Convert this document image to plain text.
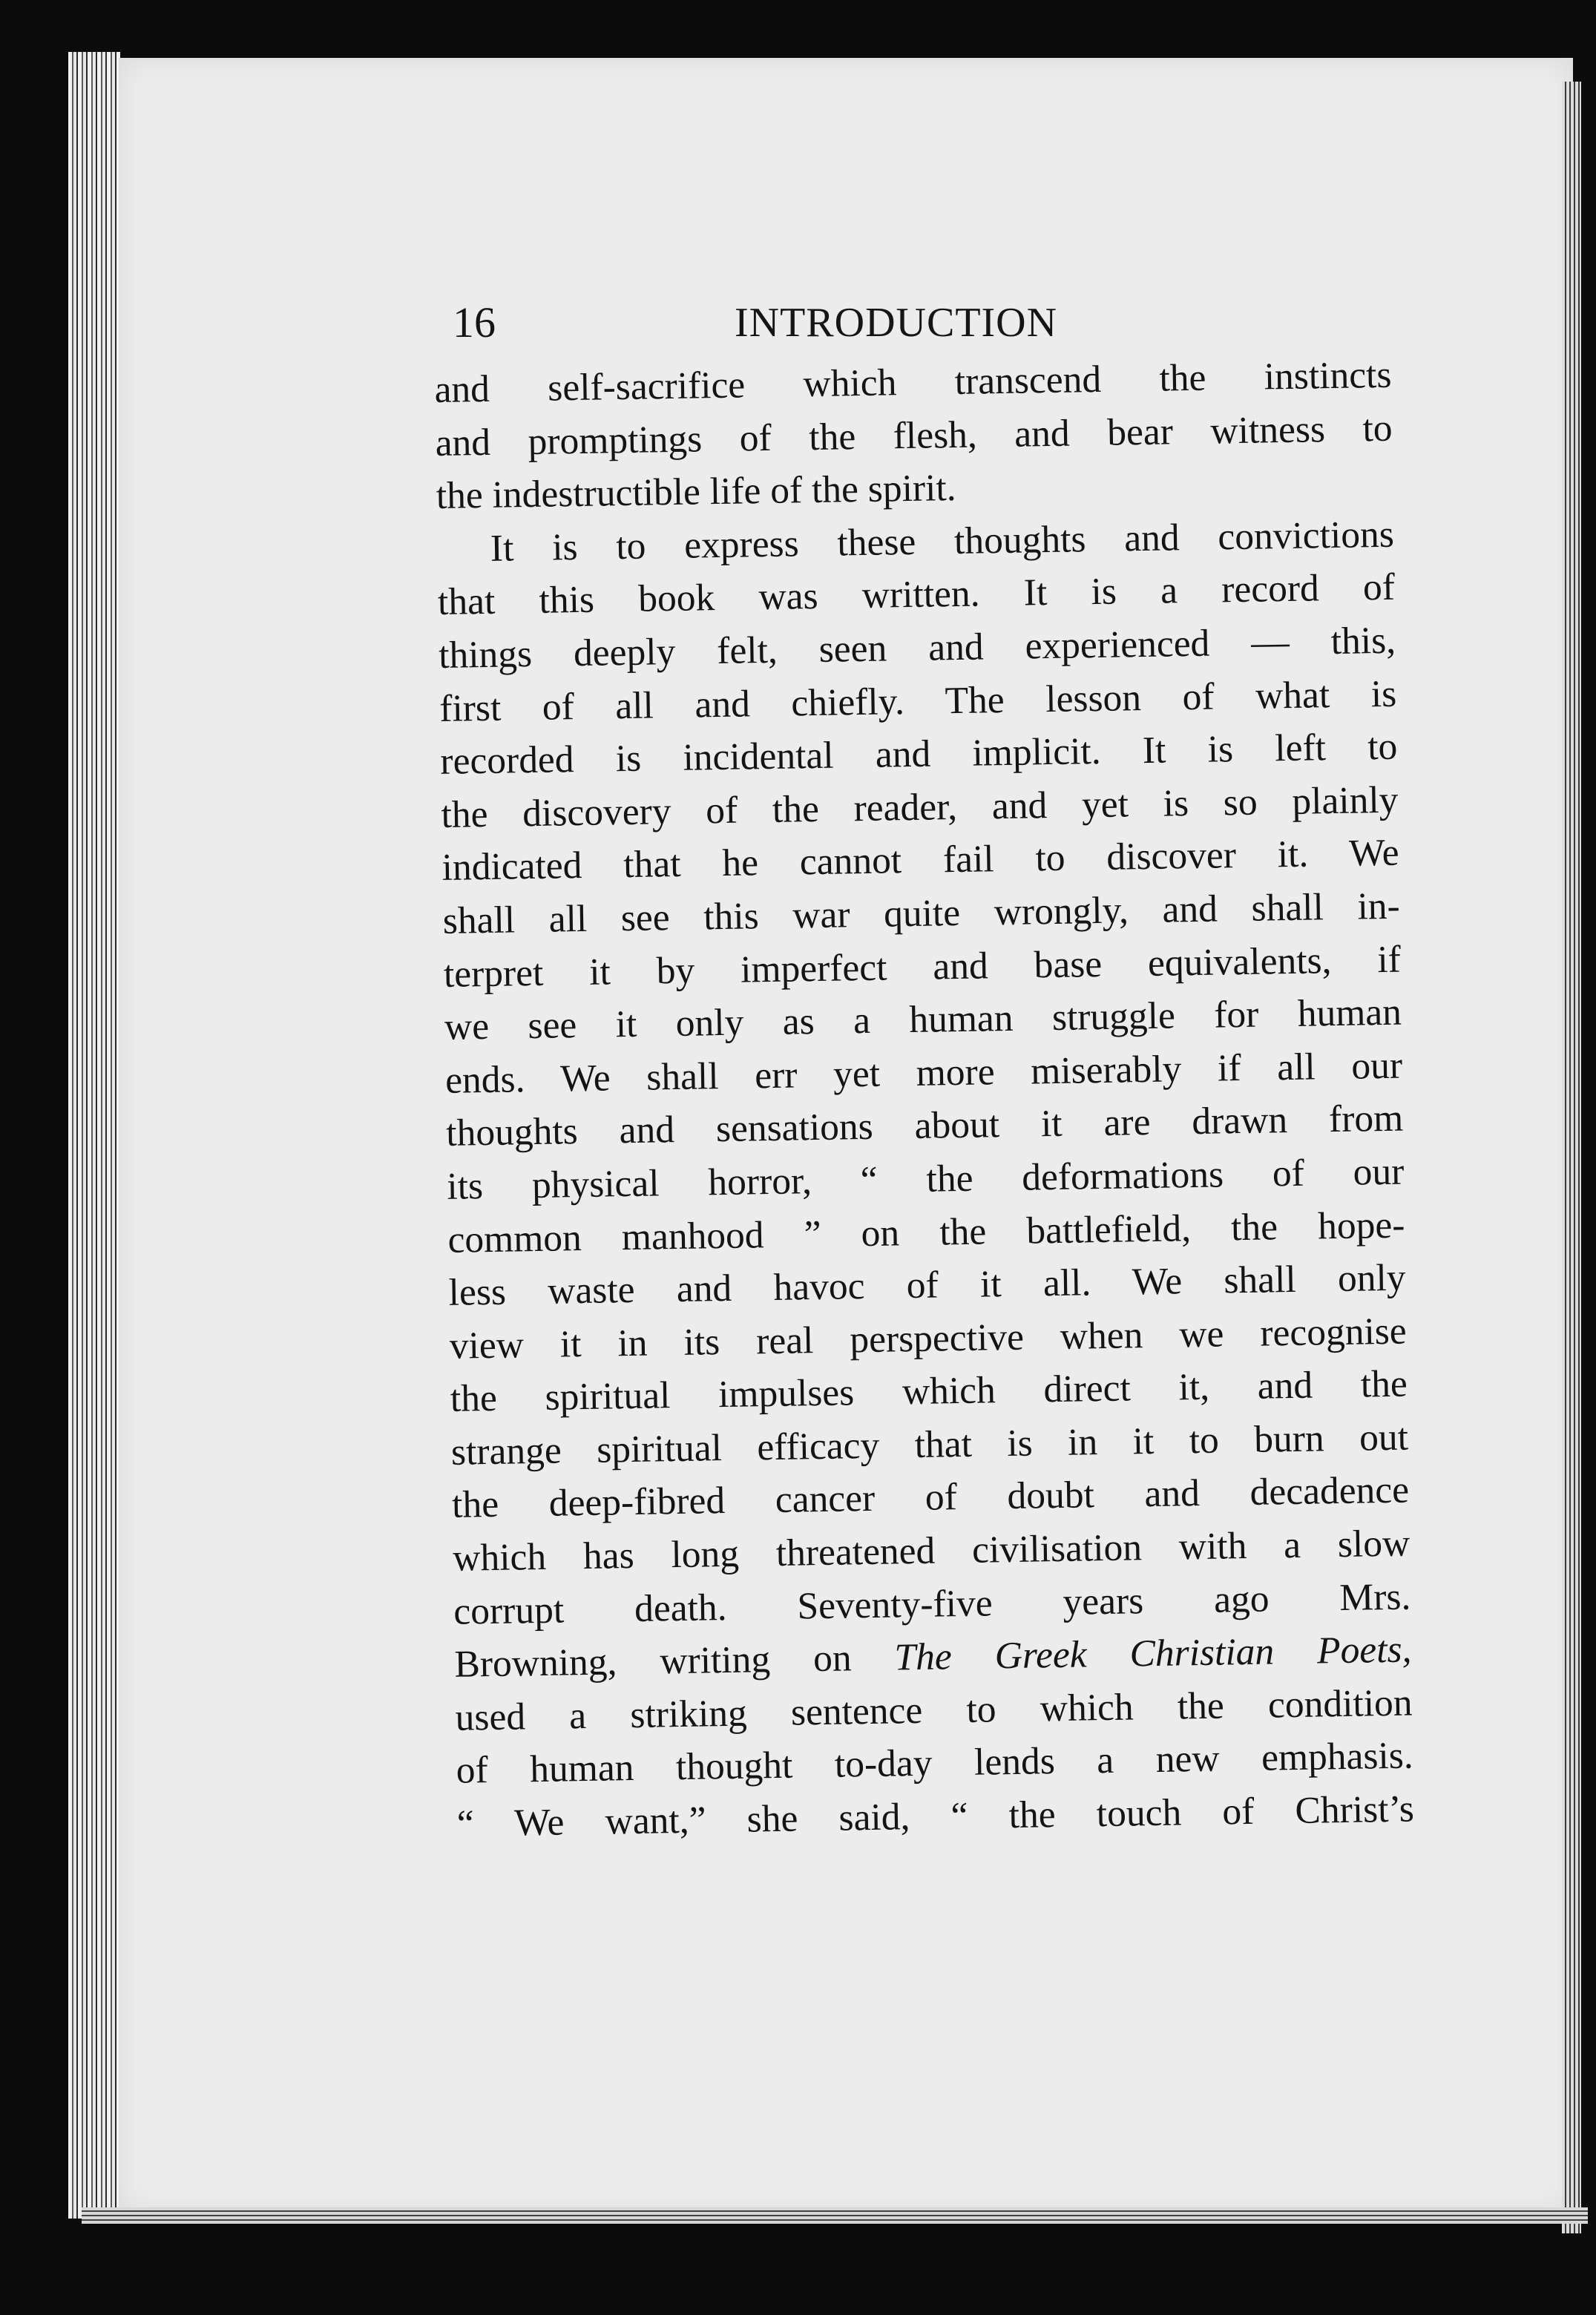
16	INTRODUCTION
and self-sacrifice which transcend the instincts
and promptings of the flesh, and bear witness to
the indestructible life of the spirit.
It is to express these thoughts and convictions
that this book was written. It is a record of
things deeply felt, seen and experienced — this,
first of all and chiefly. The lesson of what is
recorded is incidental and implicit. It is left to
the discovery of the reader, and yet is so plainly
indicated that he cannot fail to discover it. We
shall all see this war quite wrongly, and shall in-
terpret it by imperfect and base equivalents, if
we see it only as a human struggle for human
ends. We shall err yet more miserably if all our
thoughts and sensations about it are drawn from
its physical horror, “ the deformations of our
common manhood ” on the battlefield, the hope-
less waste and havoc of it all. We shall only
view it in its real perspective when we recognise
the spiritual impulses which direct it, and the
strange spiritual efficacy that is in it to burn out
the deep-fibred cancer of doubt and decadence
which has long threatened civilisation with a slow
corrupt death. Seventy-five years ago Mrs.
Browning, writing on The Greek Christian Poets,
used a striking sentence to which the condition
of human thought to-day lends a new emphasis.
“ We want,” she said, “ the touch of Christ’s
